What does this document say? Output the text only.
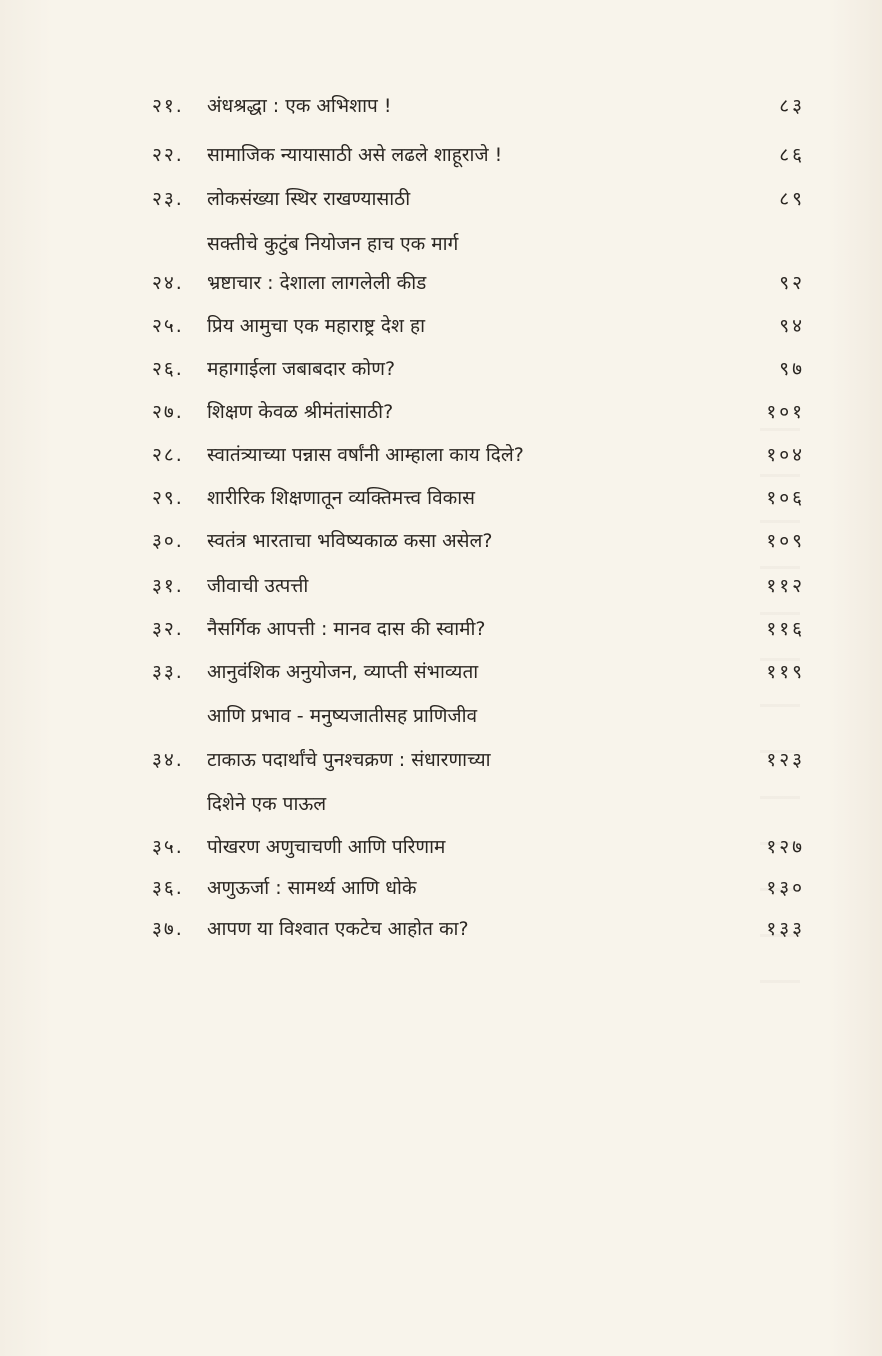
२१. अंधश्रद्धा : एक अभिशाप !	८३
२२. सामाजिक न्यायासाठी असे लढले शाहूराजे !	८६
२३. लोकसंख्या स्थिर राखण्यासाठी	८९
सक्तीचे कुटुंब नियोजन हाच एक मार्ग
२४. भ्रष्टाचार : देशाला लागलेली कीड	९२
२५. प्रिय आमुचा एक महाराष्ट्र देश हा	९४
२६. महागाईला जबाबदार कोण?	९७
२७. शिक्षण केवळ श्रीमंतांसाठी?	१०१
२८. स्वातंत्र्याच्या पन्नास वर्षांनी आम्हाला काय दिले?	१०४
२९. शारीरिक शिक्षणातून व्यक्तिमत्त्व विकास	१०६
३०. स्वतंत्र भारताचा भविष्यकाळ कसा असेल?	१०९
३१. जीवाची उत्पत्ती	११२
३२. नैसर्गिक आपत्ती : मानव दास की स्वामी?	११६
३३. आनुवंशिक अनुयोजन, व्याप्ती संभाव्यता	११९
आणि प्रभाव - मनुष्यजातीसह प्राणिजीव
३४. टाकाऊ पदार्थांचे पुनश्चक्रण : संधारणाच्या	१२३
दिशेने एक पाऊल
३५. पोखरण अणुचाचणी आणि परिणाम	१२७
३६. अणुऊर्जा : सामर्थ्य आणि धोके	१३०
३७. आपण या विश्वात एकटेच आहोत का?	१३३
